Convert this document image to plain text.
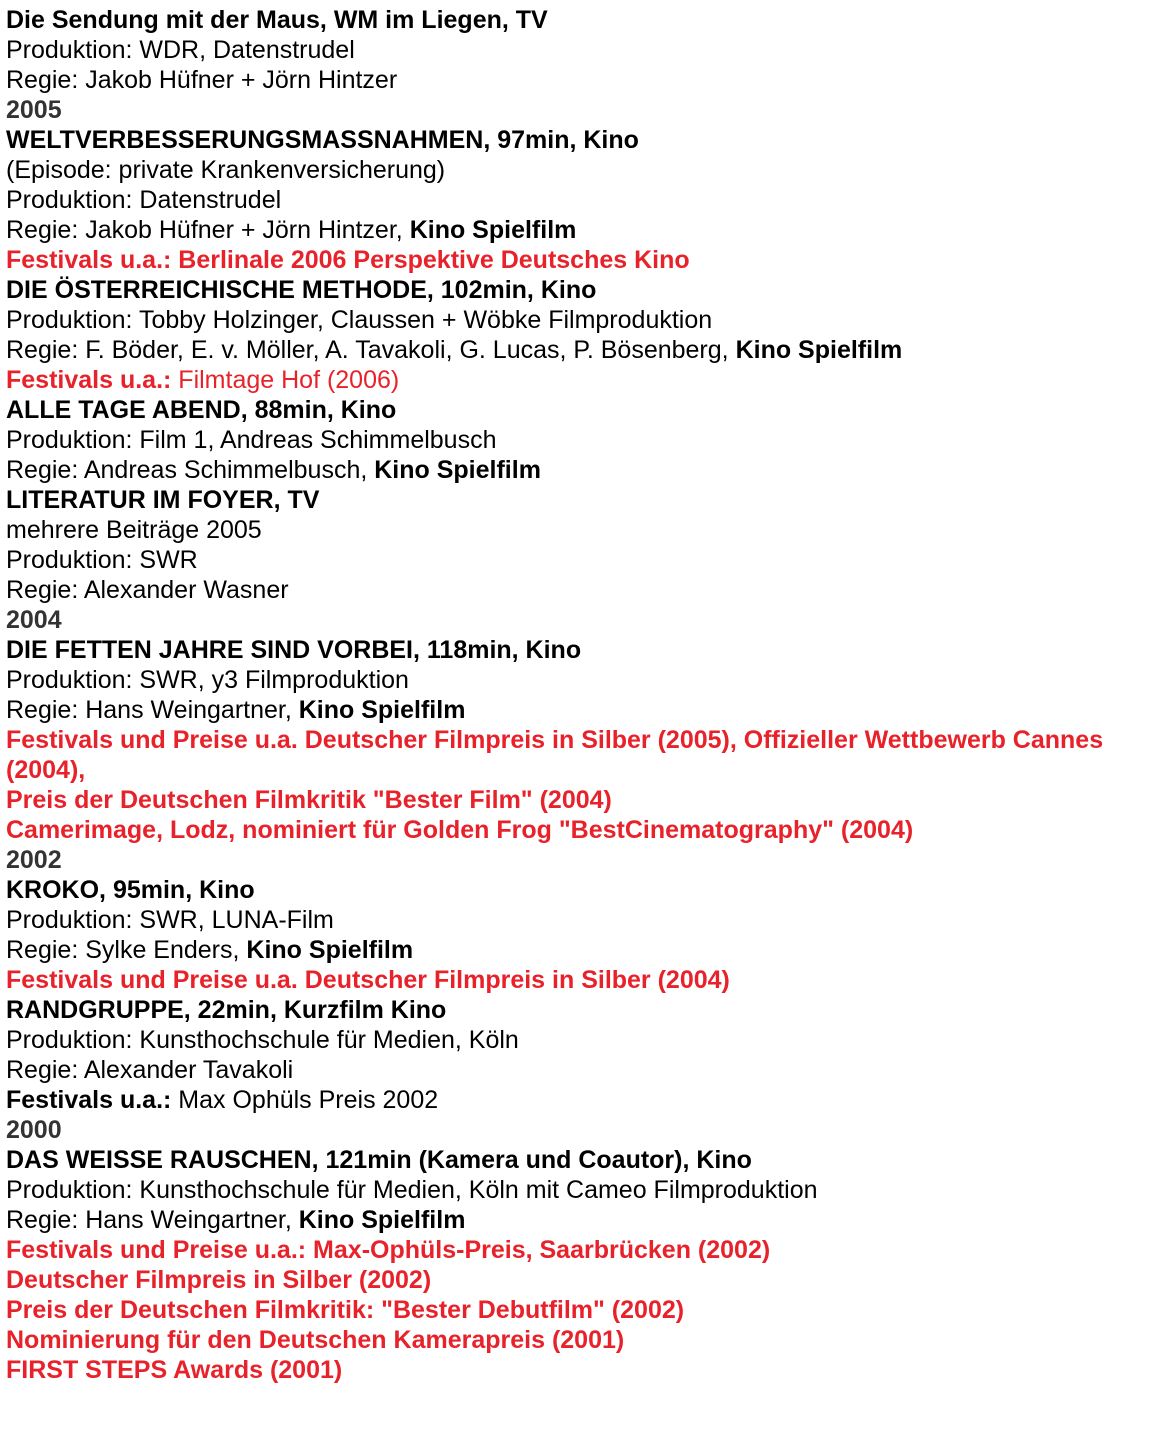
Die Sendung mit der Maus, WM im Liegen, TV
Produktion: WDR, Datenstrudel
Regie: Jakob Hüfner + Jörn Hintzer
2005
WELTVERBESSERUNGSMASSNAHMEN, 97min, Kino
(Episode: private Krankenversicherung)
Produktion: Datenstrudel
Regie: Jakob Hüfner + Jörn Hintzer, Kino Spielfilm
Festivals u.a.: Berlinale 2006 Perspektive Deutsches Kino
DIE ÖSTERREICHISCHE METHODE, 102min, Kino
Produktion: Tobby Holzinger, Claussen + Wöbke Filmproduktion
Regie: F. Böder, E. v. Möller, A. Tavakoli, G. Lucas, P. Bösenberg, Kino Spielfilm
Festivals u.a.: Filmtage Hof (2006)
ALLE TAGE ABEND, 88min, Kino
Produktion: Film 1, Andreas Schimmelbusch
Regie: Andreas Schimmelbusch, Kino Spielfilm
LITERATUR IM FOYER, TV
mehrere Beiträge 2005
Produktion: SWR
Regie: Alexander Wasner
2004
DIE FETTEN JAHRE SIND VORBEI, 118min, Kino
Produktion: SWR, y3 Filmproduktion
Regie: Hans Weingartner, Kino Spielfilm
Festivals und Preise u.a. Deutscher Filmpreis in Silber (2005), Offizieller Wettbewerb Cannes (2004),
Preis der Deutschen Filmkritik "Bester Film" (2004)
Camerimage, Lodz, nominiert für Golden Frog "BestCinematography" (2004)
2002
KROKO, 95min, Kino
Produktion: SWR, LUNA-Film
Regie: Sylke Enders, Kino Spielfilm
Festivals und Preise u.a. Deutscher Filmpreis in Silber (2004)
RANDGRUPPE, 22min, Kurzfilm Kino
Produktion: Kunsthochschule für Medien, Köln
Regie: Alexander Tavakoli
Festivals u.a.: Max Ophüls Preis 2002
2000
DAS WEISSE RAUSCHEN, 121min (Kamera und Coautor), Kino
Produktion: Kunsthochschule für Medien, Köln mit Cameo Filmproduktion
Regie: Hans Weingartner, Kino Spielfilm
Festivals und Preise u.a.: Max-Ophüls-Preis, Saarbrücken (2002)
Deutscher Filmpreis in Silber (2002)
Preis der Deutschen Filmkritik: "Bester Debutfilm" (2002)
Nominierung für den Deutschen Kamerapreis (2001)
FIRST STEPS Awards (2001)
